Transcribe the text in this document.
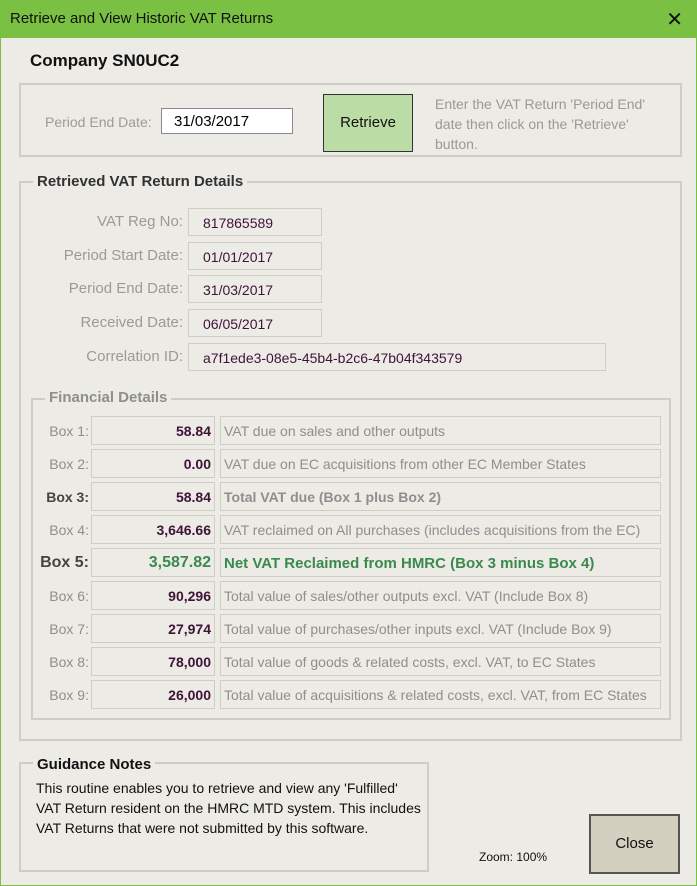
Retrieve and View Historic VAT Returns	✕
Company SN0UC2
Period End Date:	31/03/2017	Retrieve
Enter the VAT Return 'Period End' date then click on the 'Retrieve' button.
Retrieved VAT Return Details
VAT Reg No:	817865589
Period Start Date:	01/01/2017
Period End Date:	31/03/2017
Received Date:	06/05/2017
Correlation ID:	a7f1ede3-08e5-45b4-b2c6-47b04f343579
Financial Details
Box 1:	58.84 VAT due on sales and other outputs
Box 2:	0.00 VAT due on EC acquisitions from other EC Member States
Box 3:	58.84 Total VAT due (Box 1 plus Box 2)
Box 4:	3,646.66 VAT reclaimed on All purchases (includes acquisitions from the EC)
Box 5:	3,587.82 Net VAT Reclaimed from HMRC (Box 3 minus Box 4)
Box 6:	90,296 Total value of sales/other outputs excl. VAT (Include Box 8)
Box 7:	27,974 Total value of purchases/other inputs excl. VAT (Include Box 9)
Box 8:	78,000 Total value of goods & related costs, excl. VAT, to EC States
Box 9:	26,000 Total value of acquisitions & related costs, excl. VAT, from EC States
Guidance Notes
This routine enables you to retrieve and view any 'Fulfilled' VAT Return resident on the HMRC MTD system. This includes VAT Returns that were not submitted by this software.
Zoom: 100%
Close
